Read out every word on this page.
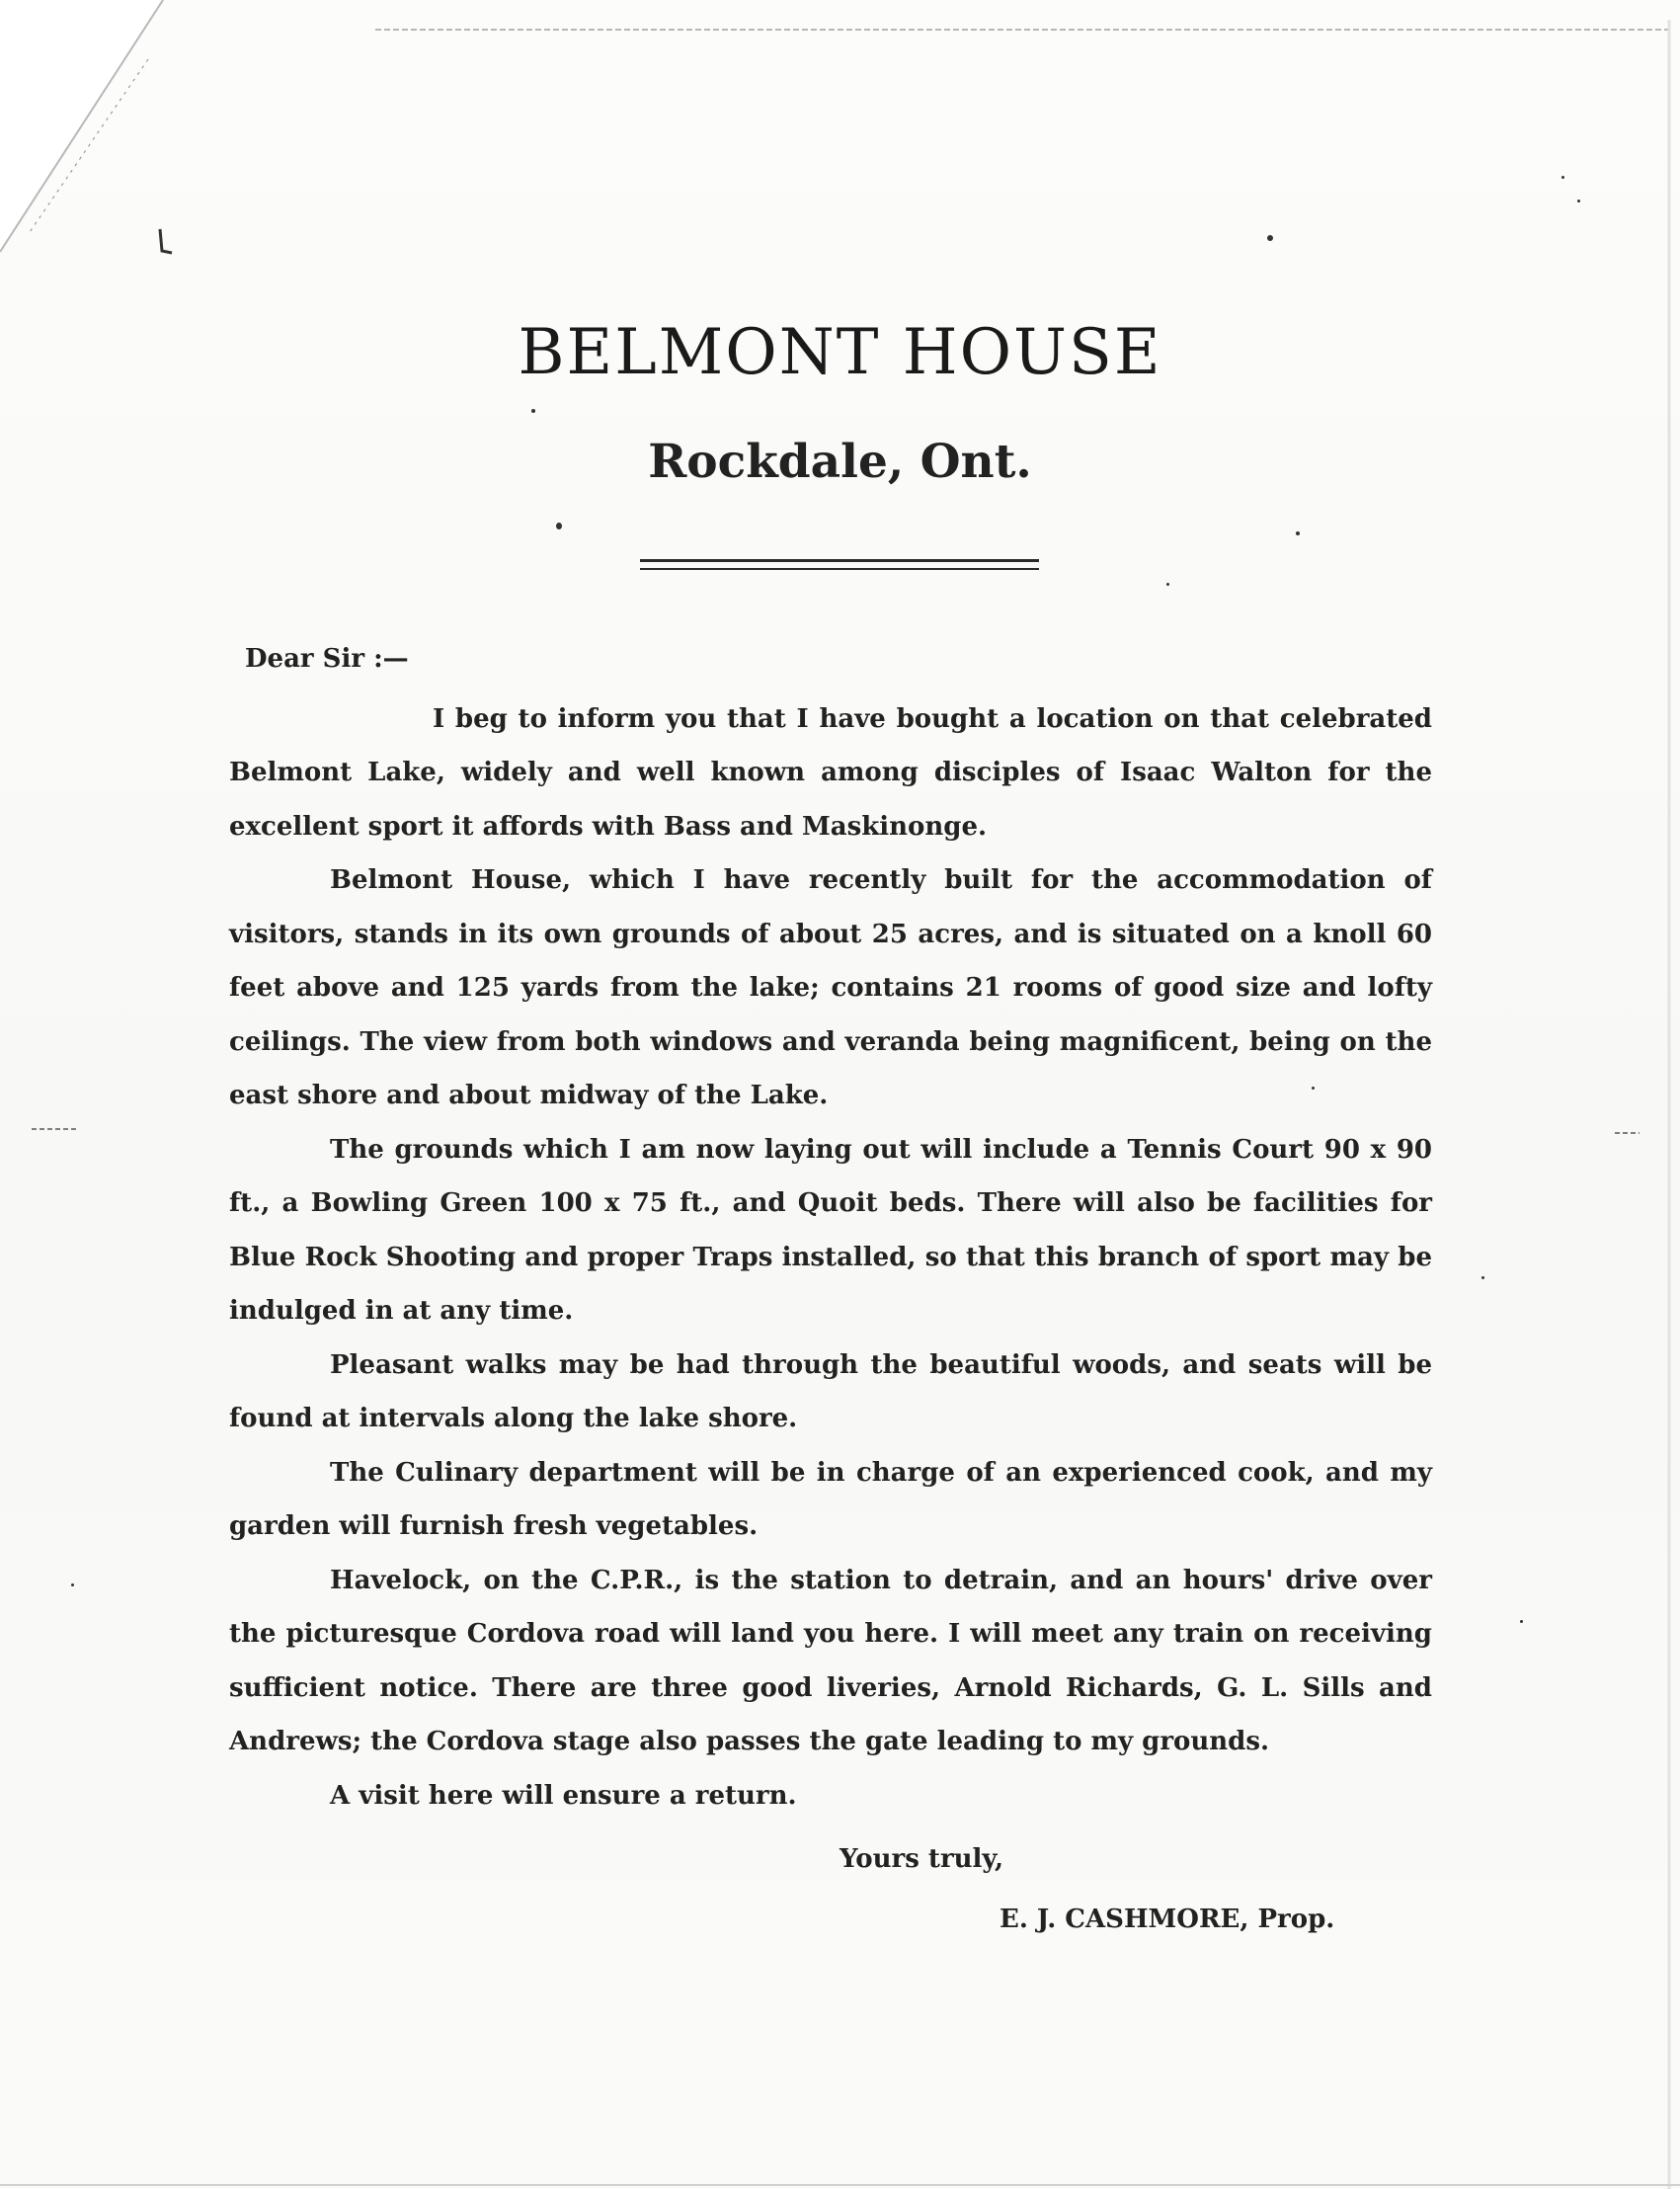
BELMONT HOUSE
Rockdale, Ont.

Dear Sir :—

I beg to inform you that I have bought a location on that celebrated Belmont Lake, widely and well known among disciples of Isaac Walton for the excellent sport it affords with Bass and Maskinonge.

Belmont House, which I have recently built for the accommodation of visitors, stands in its own grounds of about 25 acres, and is situated on a knoll 60 feet above and 125 yards from the lake; contains 21 rooms of good size and lofty ceilings. The view from both windows and veranda being magnificent, being on the east shore and about midway of the Lake.

The grounds which I am now laying out will include a Tennis Court 90 x 90 ft., a Bowling Green 100 x 75 ft., and Quoit beds. There will also be facilities for Blue Rock Shooting and proper Traps installed, so that this branch of sport may be indulged in at any time.

Pleasant walks may be had through the beautiful woods, and seats will be found at intervals along the lake shore.

The Culinary department will be in charge of an experienced cook, and my garden will furnish fresh vegetables.

Havelock, on the C.P.R., is the station to detrain, and an hours' drive over the picturesque Cordova road will land you here. I will meet any train on receiving sufficient notice. There are three good liveries, Arnold Richards, G. L. Sills and Andrews; the Cordova stage also passes the gate leading to my grounds.

A visit here will ensure a return.

Yours truly,

E. J. CASHMORE, Prop.
